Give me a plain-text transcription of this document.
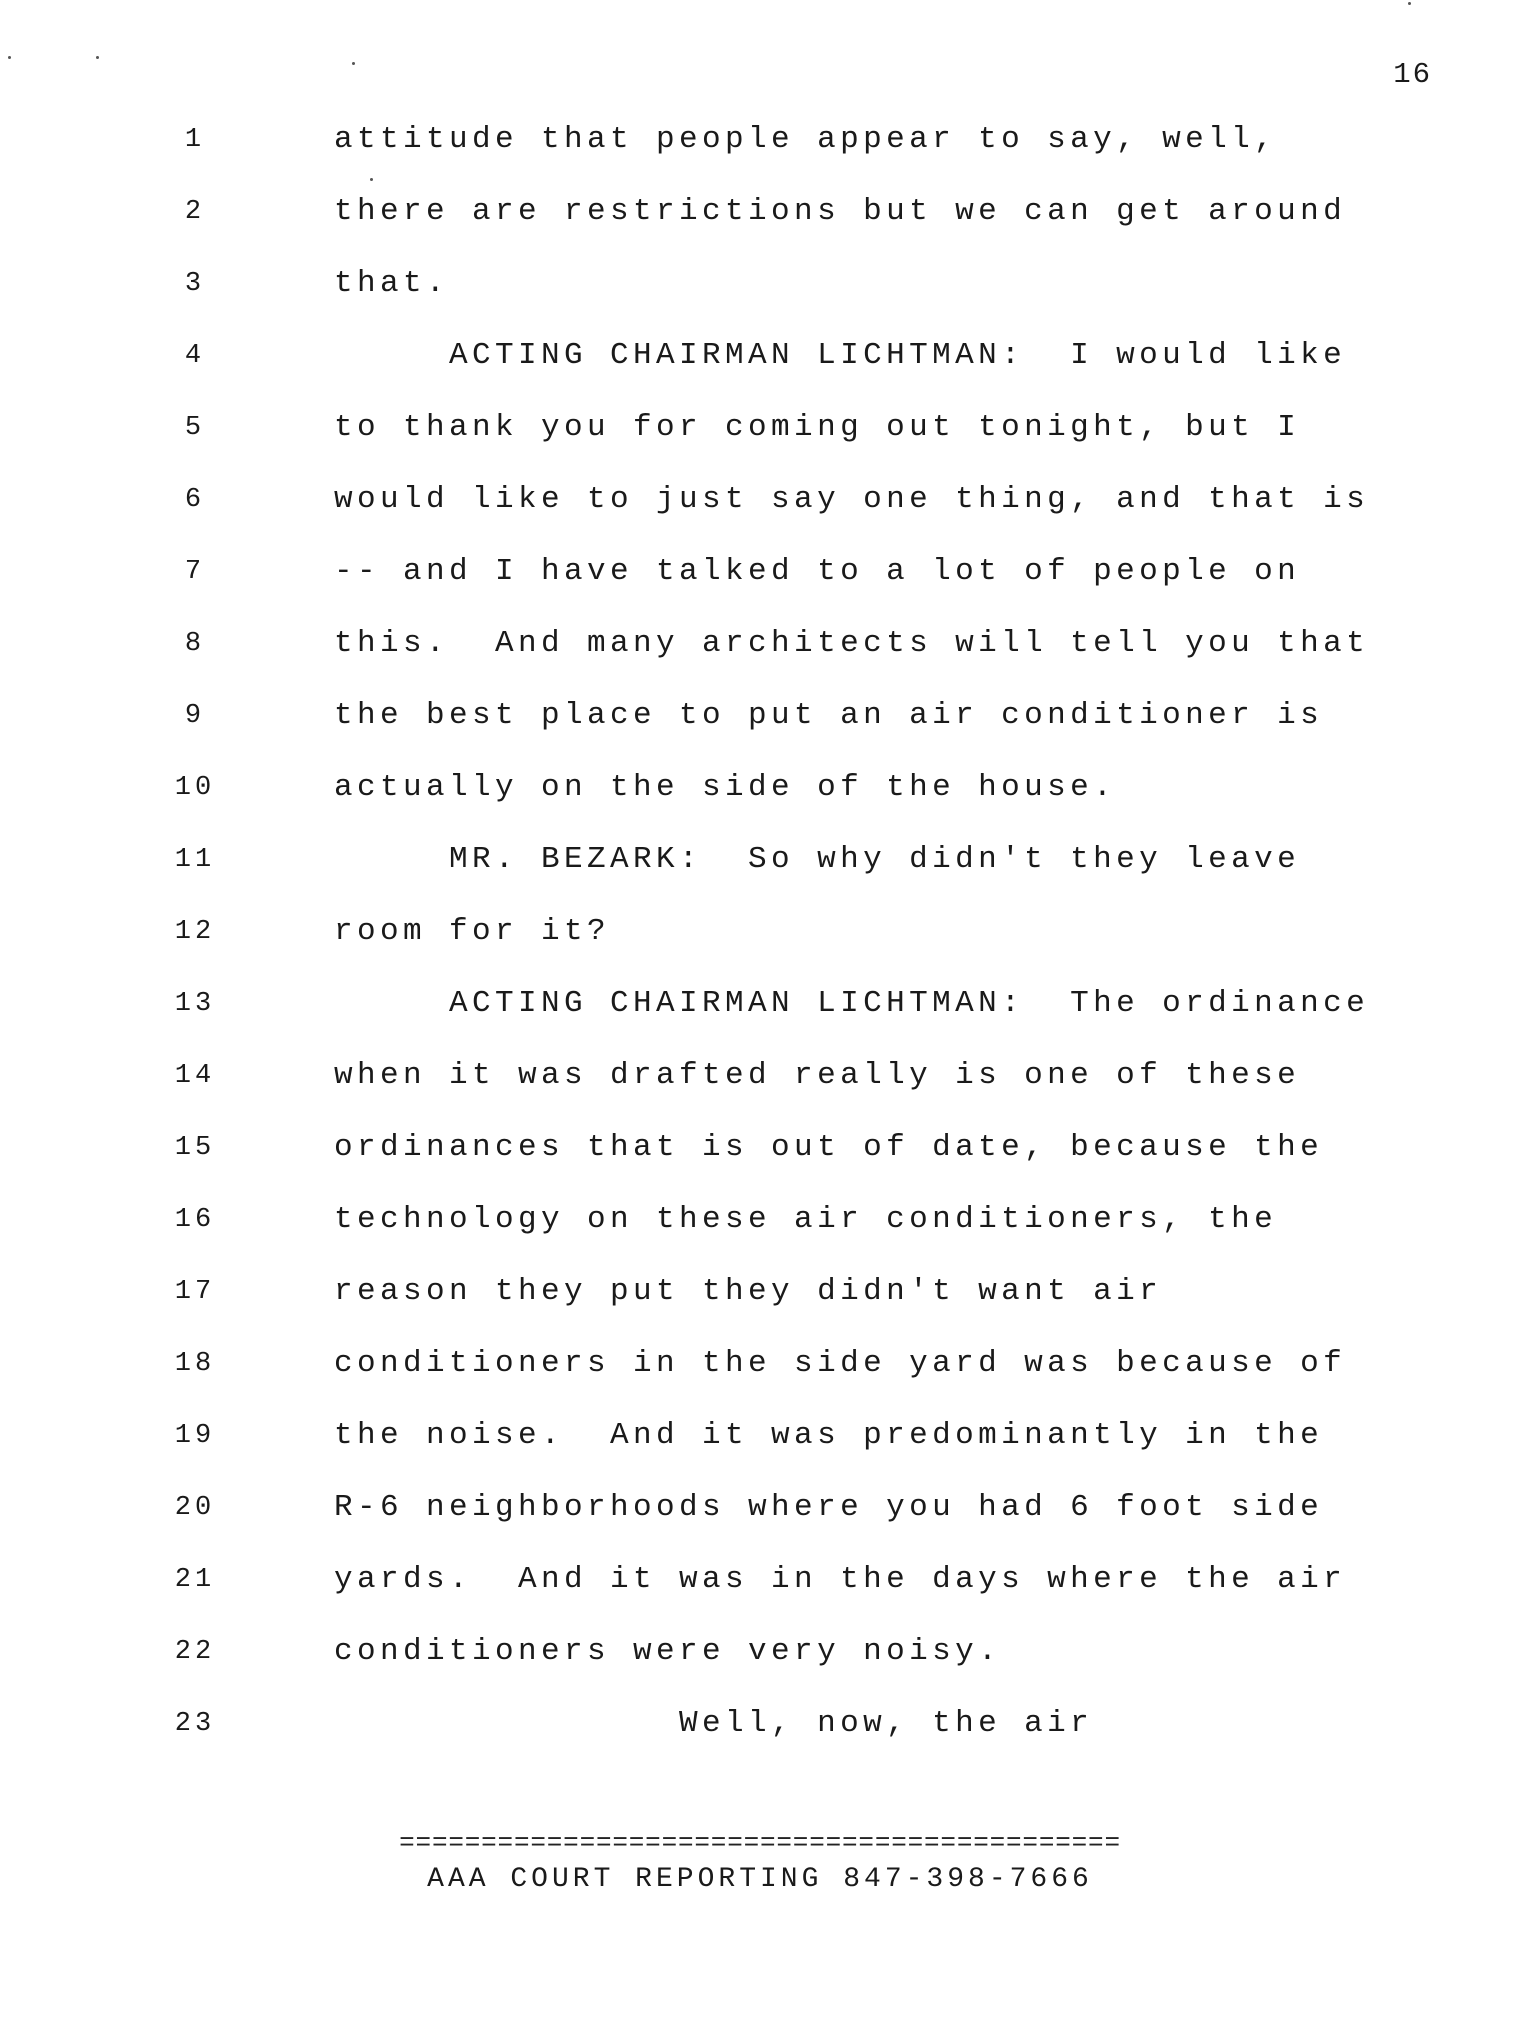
16
1	attitude that people appear to say, well,
2	there are restrictions but we can get around
3	that.
4	ACTING CHAIRMAN LICHTMAN:  I would like
5	to thank you for coming out tonight, but I
6	would like to just say one thing, and that is
7	-- and I have talked to a lot of people on
8	this.  And many architects will tell you that
9	the best place to put an air conditioner is
10	actually on the side of the house.
11	MR. BEZARK:  So why didn't they leave
12	room for it?
13	ACTING CHAIRMAN LICHTMAN:  The ordinance
14	when it was drafted really is one of these
15	ordinances that is out of date, because the
16	technology on these air conditioners, the
17	reason they put they didn't want air
18	conditioners in the side yard was because of
19	the noise.  And it was predominantly in the
20	R-6 neighborhoods where you had 6 foot side
21	yards.  And it was in the days where the air
22	conditioners were very noisy.
23	Well, now, the air
============================================
AAA COURT REPORTING 847-398-7666
